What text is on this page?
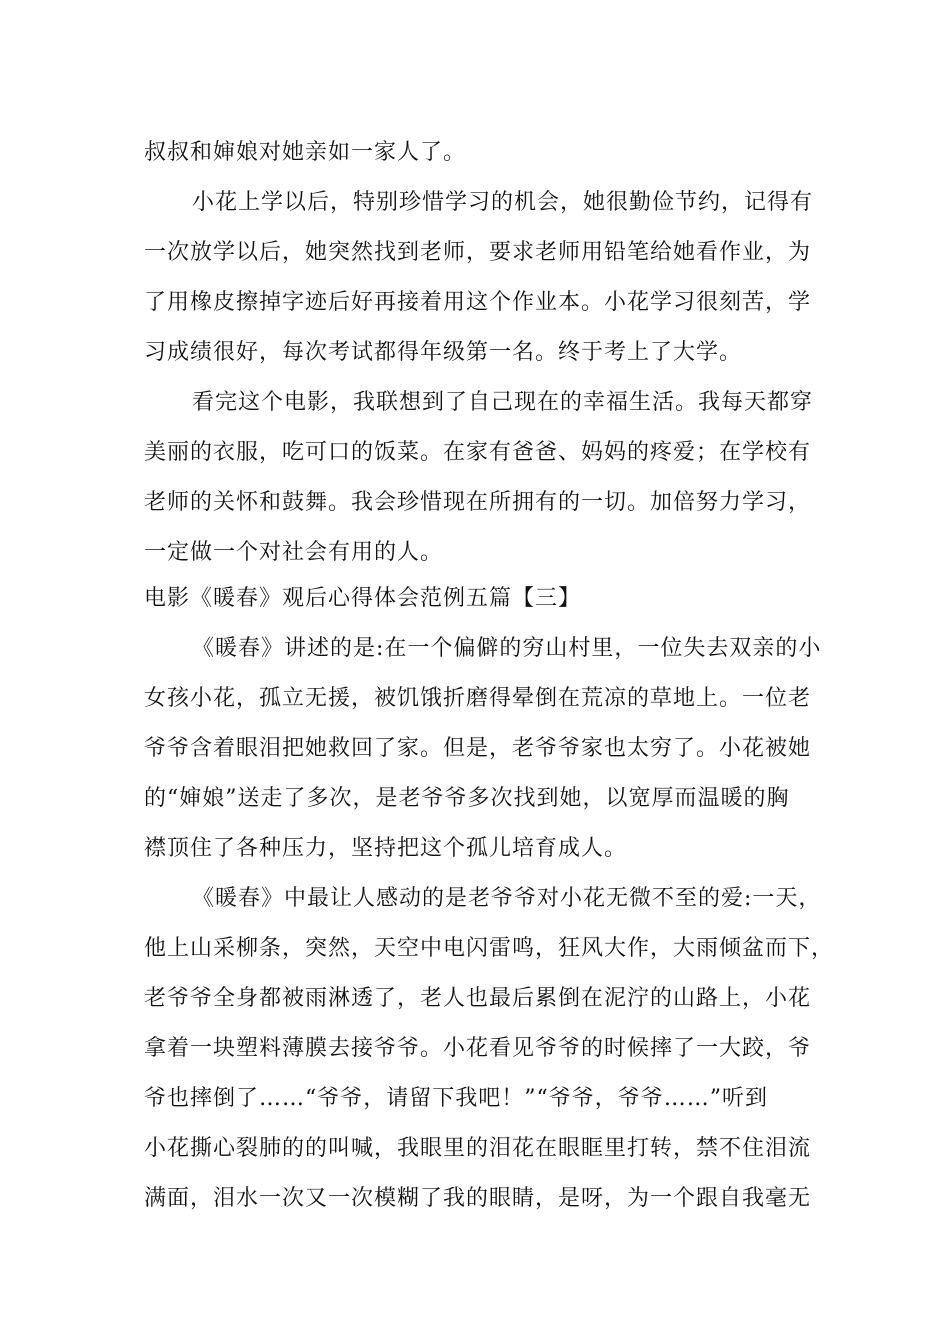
叔叔和婶娘对她亲如一家人了。
小花上学以后，特别珍惜学习的机会，她很勤俭节约，记得有
一次放学以后，她突然找到老师，要求老师用铅笔给她看作业，为
了用橡皮擦掉字迹后好再接着用这个作业本。小花学习很刻苦，学
习成绩很好，每次考试都得年级第一名。终于考上了大学。
看完这个电影，我联想到了自己现在的幸福生活。我每天都穿
美丽的衣服，吃可口的饭菜。在家有爸爸、妈妈的疼爱；在学校有
老师的关怀和鼓舞。我会珍惜现在所拥有的一切。加倍努力学习，
一定做一个对社会有用的人。
电影《暖春》观后心得体会范例五篇【三】
《暖春》讲述的是:在一个偏僻的穷山村里，一位失去双亲的小
女孩小花，孤立无援，被饥饿折磨得晕倒在荒凉的草地上。一位老
爷爷含着眼泪把她救回了家。但是，老爷爷家也太穷了。小花被她
的“婶娘”送走了多次，是老爷爷多次找到她，以宽厚而温暖的胸
襟顶住了各种压力，坚持把这个孤儿培育成人。
《暖春》中最让人感动的是老爷爷对小花无微不至的爱:一天，
他上山采柳条，突然，天空中电闪雷鸣，狂风大作，大雨倾盆而下，
老爷爷全身都被雨淋透了，老人也最后累倒在泥泞的山路上，小花
拿着一块塑料薄膜去接爷爷。小花看见爷爷的时候摔了一大跤，爷
爷也摔倒了……“爷爷，请留下我吧！”“爷爷，爷爷……”听到
小花撕心裂肺的的叫喊，我眼里的泪花在眼眶里打转，禁不住泪流
满面，泪水一次又一次模糊了我的眼睛，是呀，为一个跟自我毫无
